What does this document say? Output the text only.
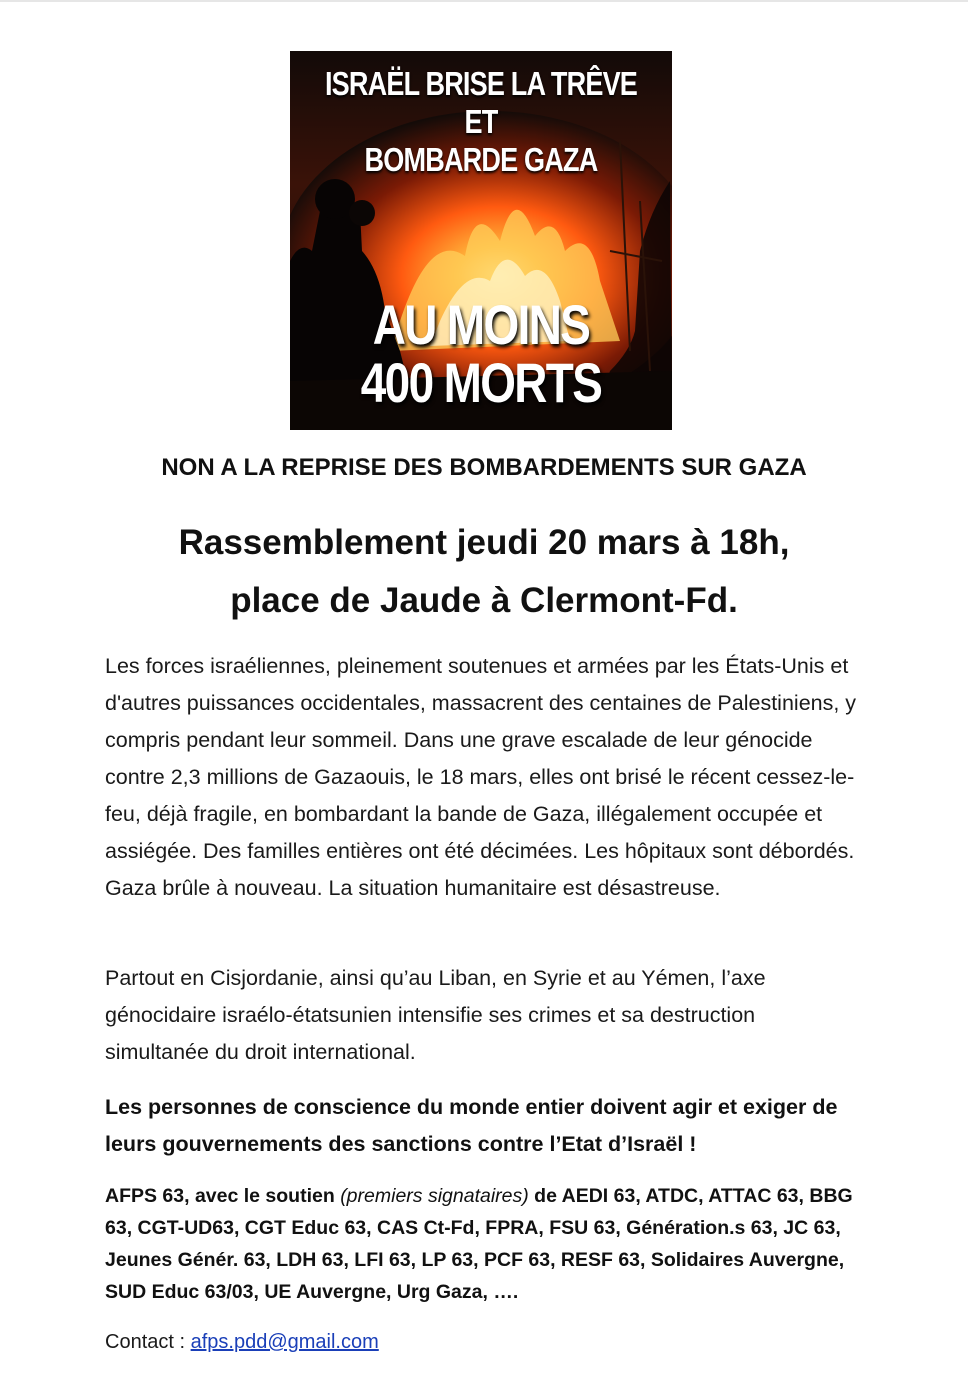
ISRAËL BRISE LA TRÊVE ET
BOMBARDE GAZA
AU MOINS
400 MORTS
NON A LA REPRISE DES BOMBARDEMENTS SUR GAZA
Rassemblement jeudi 20 mars à 18h,
place de Jaude à Clermont-Fd.
Les forces israéliennes, pleinement soutenues et armées par les États-Unis et d'autres puissances occidentales, massacrent des centaines de Palestiniens, y compris pendant leur sommeil. Dans une grave escalade de leur génocide contre 2,3 millions de Gazaouis, le 18 mars, elles ont brisé le récent cessez-le-feu, déjà fragile, en bombardant la bande de Gaza, illégalement occupée et assiégée. Des familles entières ont été décimées. Les hôpitaux sont débordés. Gaza brûle à nouveau. La situation humanitaire est désastreuse.
Partout en Cisjordanie, ainsi qu’au Liban, en Syrie et au Yémen, l’axe génocidaire israélo-étatsunien intensifie ses crimes et sa destruction simultanée du droit international.
Les personnes de conscience du monde entier doivent agir et exiger de leurs gouvernements des sanctions contre l’Etat d’Israël !
AFPS 63, avec le soutien (premiers signataires) de AEDI 63, ATDC, ATTAC 63, BBG 63, CGT-UD63, CGT Educ 63, CAS Ct-Fd, FPRA, FSU 63, Génération.s 63, JC 63, Jeunes Génér. 63, LDH 63, LFI 63, LP 63, PCF 63, RESF 63, Solidaires Auvergne, SUD Educ 63/03, UE Auvergne, Urg Gaza, ….
Contact : afps.pdd@gmail.com
